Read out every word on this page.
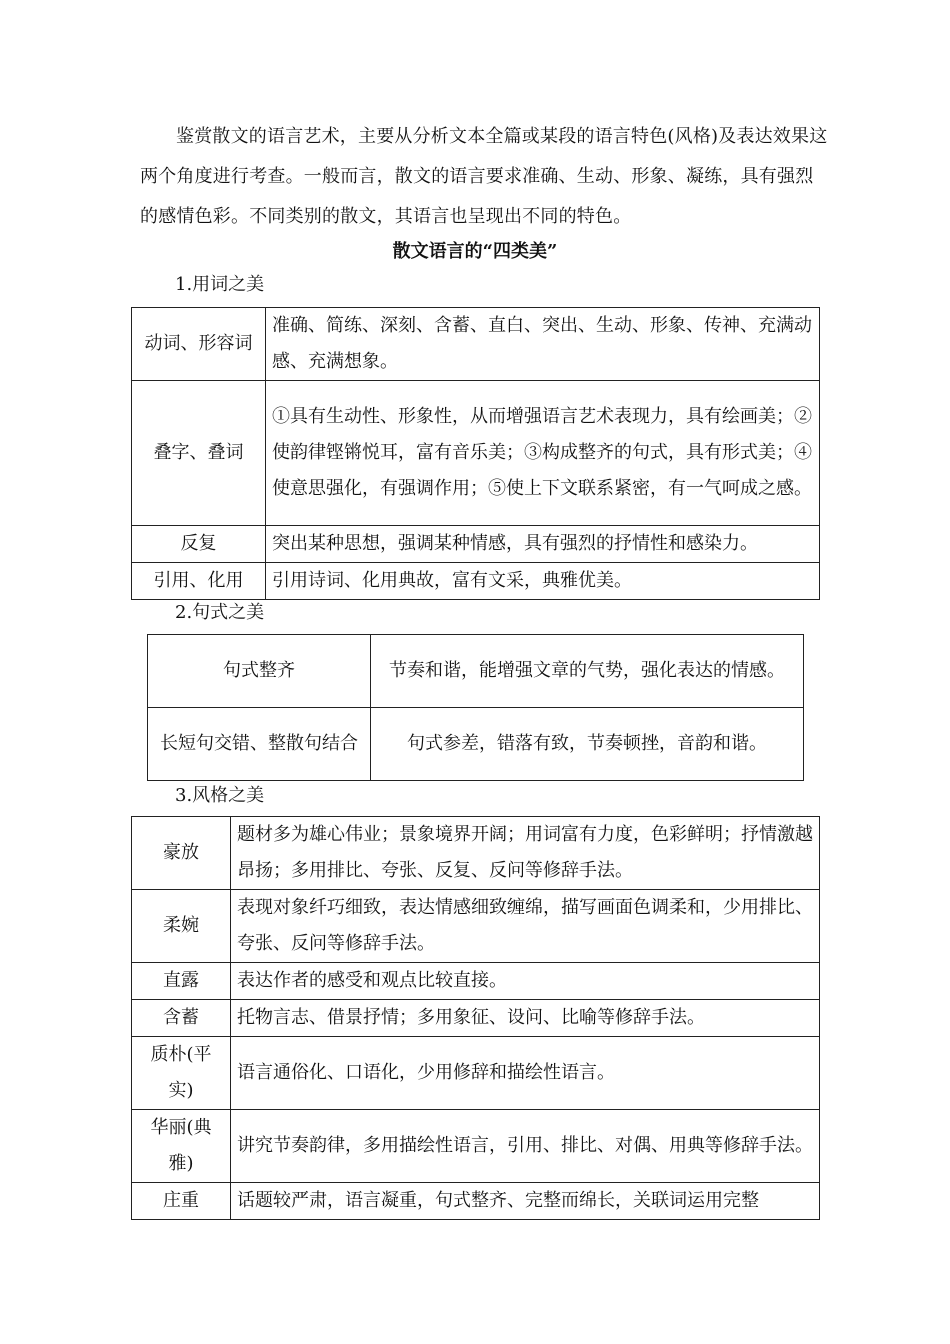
鉴赏散文的语言艺术，主要从分析文本全篇或某段的语言特色(风格)及表达效果这两个角度进行考查。一般而言，散文的语言要求准确、生动、形象、凝练，具有强烈的感情色彩。不同类别的散文，其语言也呈现出不同的特色。

散文语言的“四类美”

1.用词之美

动词、形容词	准确、简练、深刻、含蓄、直白、突出、生动、形象、传神、充满动感、充满想象。
叠字、叠词	①具有生动性、形象性，从而增强语言艺术表现力，具有绘画美；②使韵律铿锵悦耳，富有音乐美；③构成整齐的句式，具有形式美；④使意思强化，有强调作用；⑤使上下文联系紧密，有一气呵成之感。
反复	突出某种思想，强调某种情感，具有强烈的抒情性和感染力。
引用、化用	引用诗词、化用典故，富有文采，典雅优美。

2.句式之美

句式整齐	节奏和谐，能增强文章的气势，强化表达的情感。
长短句交错、整散句结合	句式参差，错落有致，节奏顿挫，音韵和谐。

3.风格之美

豪放	题材多为雄心伟业；景象境界开阔；用词富有力度，色彩鲜明；抒情激越昂扬；多用排比、夸张、反复、反问等修辞手法。
柔婉	表现对象纤巧细致，表达情感细致缠绵，描写画面色调柔和，少用排比、夸张、反问等修辞手法。
直露	表达作者的感受和观点比较直接。
含蓄	托物言志、借景抒情；多用象征、设问、比喻等修辞手法。
质朴(平实)	语言通俗化、口语化，少用修辞和描绘性语言。
华丽(典雅)	讲究节奏韵律，多用描绘性语言，引用、排比、对偶、用典等修辞手法。
庄重	话题较严肃，语言凝重，句式整齐、完整而绵长，关联词运用完整
